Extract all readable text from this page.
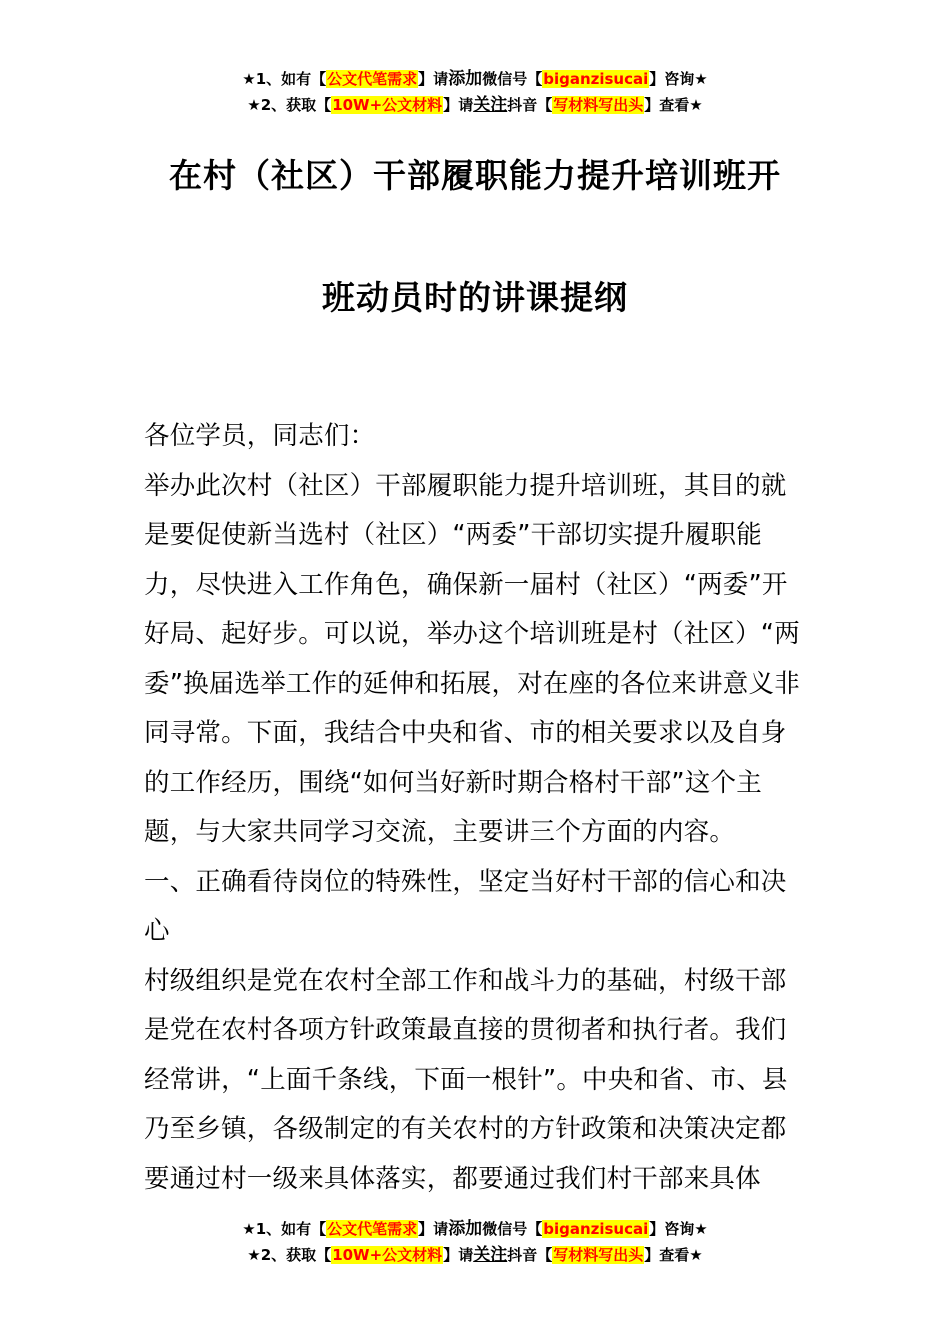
★1、如有【公文代笔需求】请添加微信号【biganzisucai】咨询★
★2、获取【10W+公文材料】请关注抖音【写材料写出头】查看★
在村（社区）干部履职能力提升培训班开
班动员时的讲课提纲

各位学员，同志们：

举办此次村（社区）干部履职能力提升培训班，其目的就是要促使新当选村（社区）“两委”干部切实提升履职能力，尽快进入工作角色，确保新一届村（社区）“两委”开好局、起好步。可以说，举办这个培训班是村（社区）“两委”换届选举工作的延伸和拓展，对在座的各位来讲意义非同寻常。下面，我结合中央和省、市的相关要求以及自身的工作经历，围绕“如何当好新时期合格村干部”这个主题，与大家共同学习交流，主要讲三个方面的内容。

一、正确看待岗位的特殊性，坚定当好村干部的信心和决心

村级组织是党在农村全部工作和战斗力的基础，村级干部是党在农村各项方针政策最直接的贯彻者和执行者。我们经常讲，“上面千条线，下面一根针”。中央和省、市、县乃至乡镇，各级制定的有关农村的方针政策和决策决定都要通过村一级来具体落实，都要通过我们村干部来具体

★1、如有【公文代笔需求】请添加微信号【biganzisucai】咨询★
★2、获取【10W+公文材料】请关注抖音【写材料写出头】查看★
